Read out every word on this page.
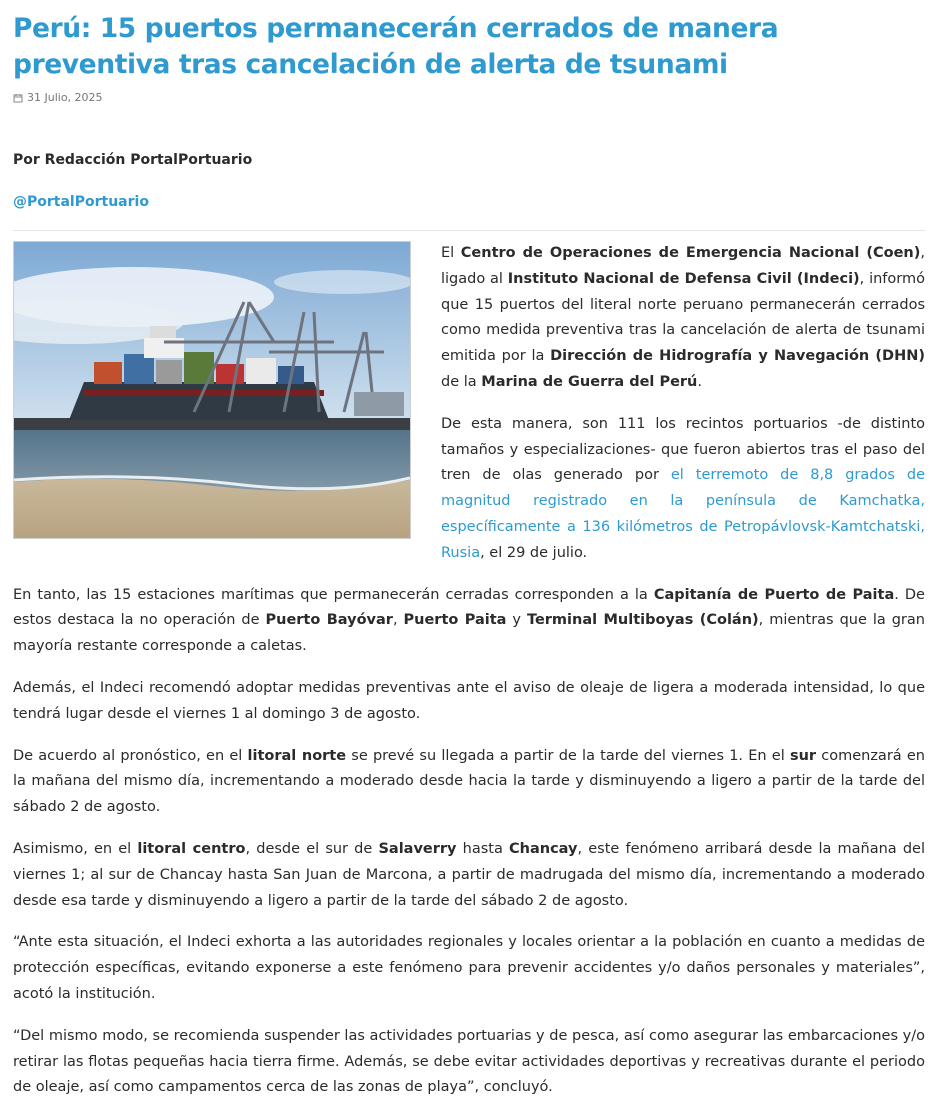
Perú: 15 puertos permanecerán cerrados de manera preventiva tras cancelación de alerta de tsunami
31 Julio, 2025
Por Redacción PortalPortuario
@PortalPortuario

El Centro de Operaciones de Emergencia Nacional (Coen), ligado al Instituto Nacional de Defensa Civil (Indeci), informó que 15 puertos del literal norte peruano permanecerán cerrados como medida preventiva tras la cancelación de alerta de tsunami emitida por la Dirección de Hidrografía y Navegación (DHN) de la Marina de Guerra del Perú.

De esta manera, son 111 los recintos portuarios -de distinto tamaños y especializaciones- que fueron abiertos tras el paso del tren de olas generado por el terremoto de 8,8 grados de magnitud registrado en la península de Kamchatka, específicamente a 136 kilómetros de Petropávlovsk-Kamtchatski, Rusia, el 29 de julio.

En tanto, las 15 estaciones marítimas que permanecerán cerradas corresponden a la Capitanía de Puerto de Paita. De estos destaca la no operación de Puerto Bayóvar, Puerto Paita y Terminal Multiboyas (Colán), mientras que la gran mayoría restante corresponde a caletas.

Además, el Indeci recomendó adoptar medidas preventivas ante el aviso de oleaje de ligera a moderada intensidad, lo que tendrá lugar desde el viernes 1 al domingo 3 de agosto.

De acuerdo al pronóstico, en el litoral norte se prevé su llegada a partir de la tarde del viernes 1. En el sur comenzará en la mañana del mismo día, incrementando a moderado desde hacia la tarde y disminuyendo a ligero a partir de la tarde del sábado 2 de agosto.

Asimismo, en el litoral centro, desde el sur de Salaverry hasta Chancay, este fenómeno arribará desde la mañana del viernes 1; al sur de Chancay hasta San Juan de Marcona, a partir de madrugada del mismo día, incrementando a moderado desde esa tarde y disminuyendo a ligero a partir de la tarde del sábado 2 de agosto.

“Ante esta situación, el Indeci exhorta a las autoridades regionales y locales orientar a la población en cuanto a medidas de protección específicas, evitando exponerse a este fenómeno para prevenir accidentes y/o daños personales y materiales”, acotó la institución.

“Del mismo modo, se recomienda suspender las actividades portuarias y de pesca, así como asegurar las embarcaciones y/o retirar las flotas pequeñas hacia tierra firme. Además, se debe evitar actividades deportivas y recreativas durante el periodo de oleaje, así como campamentos cerca de las zonas de playa”, concluyó.
